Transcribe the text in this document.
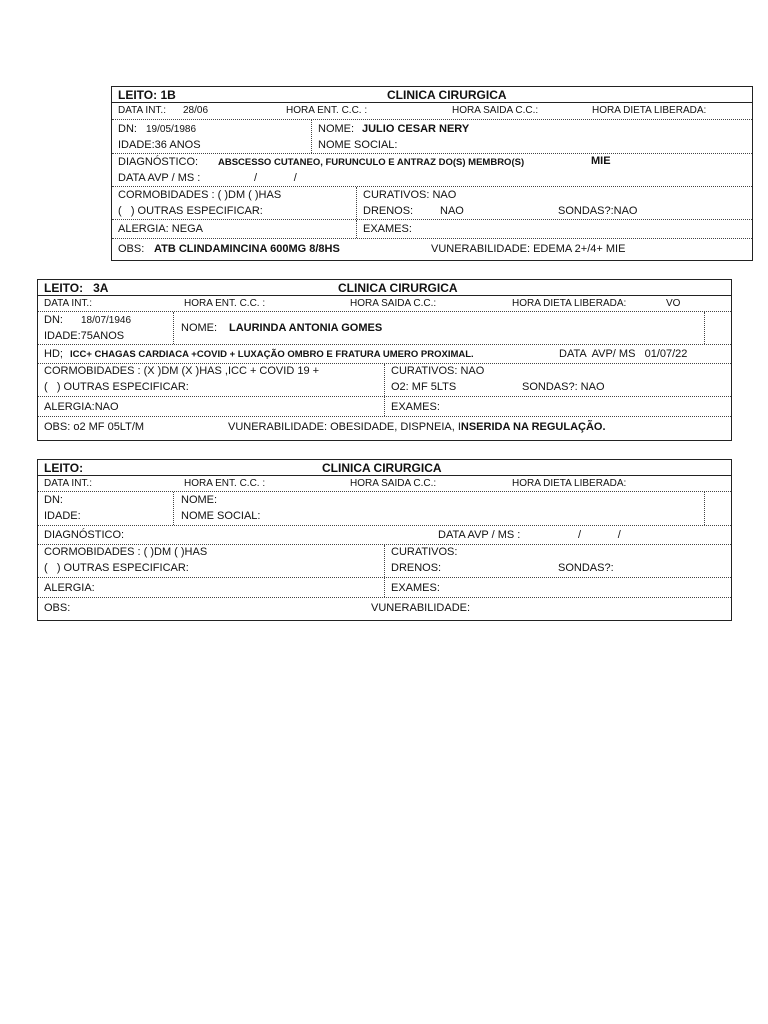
LEITO: 1B	CLINICA CIRURGICA
DATA INT.: 28/06	HORA ENT. C.C. :	HORA SAIDA C.C.:	HORA DIETA LIBERADA:
DN: 19/05/1986
IDADE:36 ANOS
NOME: JULIO CESAR NERY
NOME SOCIAL:
DIAGNÓSTICO: ABSCESSO CUTANEO, FURUNCULO E ANTRAZ DO(S) MEMBRO(S)	MIE
DATA AVP / MS :	/            /
CORMOBIDADES : ( )DM ( )HAS
(   ) OUTRAS ESPECIFICAR:
CURATIVOS: NAO
DRENOS: NAO	SONDAS?:NAO
ALERGIA: NEGA	EXAMES:
OBS: ATB CLINDAMINCINA 600MG 8/8HS	VUNERABILIDADE: EDEMA 2+/4+ MIE
LEITO:   3A	CLINICA CIRURGICA
DATA INT.:	HORA ENT. C.C. :	HORA SAIDA C.C.:	HORA DIETA LIBERADA:	VO
DN: 18/07/1946
IDADE:75ANOS
NOME: LAURINDA ANTONIA GOMES
HD; ICC+ CHAGAS CARDIACA +COVID + LUXAÇÃO OMBRO E FRATURA UMERO PROXIMAL.	DATA  AVP/ MS   01/07/22
CORMOBIDADES : (X )DM (X )HAS ,ICC + COVID 19 +
(   ) OUTRAS ESPECIFICAR:
CURATIVOS: NAO
O2: MF 5LTS	SONDAS?: NAO
ALERGIA:NAO	EXAMES:
OBS: o2 MF 05LT/M	VUNERABILIDADE: OBESIDADE, DISPNEIA, INSERIDA NA REGULAÇÃO.
LEITO:	CLINICA CIRURGICA
DATA INT.:	HORA ENT. C.C. :	HORA SAIDA C.C.:	HORA DIETA LIBERADA:
DN:
IDADE:
NOME:
NOME SOCIAL:
DIAGNÓSTICO:	DATA AVP / MS :	/            /
CORMOBIDADES : ( )DM ( )HAS
(   ) OUTRAS ESPECIFICAR:
CURATIVOS:
DRENOS:	SONDAS?:
ALERGIA:	EXAMES:
OBS:	VUNERABILIDADE:
